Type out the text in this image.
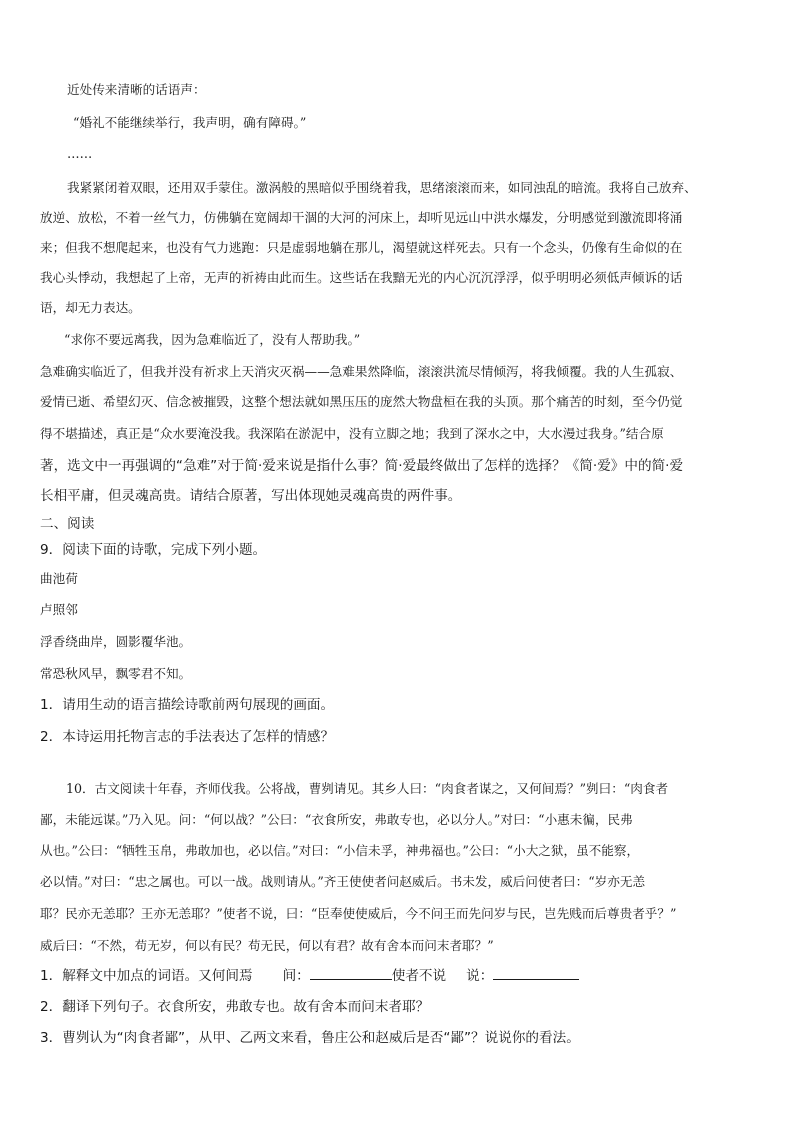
近处传来清晰的话语声：
“婚礼不能继续举行，我声明，确有障碍。”
……
我紧紧闭着双眼，还用双手蒙住。激涡般的黑暗似乎围绕着我，思绪滚滚而来，如同浊乱的暗流。我将自己放弃、
放逆、放松，不着一丝气力，仿佛躺在宽阔却干涸的大河的河床上，却听见远山中洪水爆发，分明感觉到激流即将涌
来；但我不想爬起来，也没有气力逃跑：只是虚弱地躺在那儿，渴望就这样死去。只有一个念头，仍像有生命似的在
我心头悸动，我想起了上帝，无声的祈祷由此而生。这些话在我黯无光的内心沉沉浮浮，似乎明明必须低声倾诉的话
语，却无力表达。
“求你不要远离我，因为急难临近了，没有人帮助我。”
急难确实临近了，但我并没有祈求上天消灾灭祸——急难果然降临，滚滚洪流尽情倾泻，将我倾覆。我的人生孤寂、
爱情已逝、希望幻灭、信念被摧毁，这整个想法就如黑压压的庞然大物盘桓在我的头顶。那个痛苦的时刻，至今仍觉
得不堪描述，真正是“众水要淹没我。我深陷在淤泥中，没有立脚之地；我到了深水之中，大水漫过我身。”结合原
著，选文中一再强调的“急难”对于简·爱来说是指什么事？简·爱最终做出了怎样的选择？《简·爱》中的简·爱
长相平庸，但灵魂高贵。请结合原著，写出体现她灵魂高贵的两件事。
二、阅读
9．阅读下面的诗歌，完成下列小题。
曲池荷
卢照邻
浮香绕曲岸，圆影覆华池。
常恐秋风早，飘零君不知。
1．请用生动的语言描绘诗歌前两句展现的画面。
2．本诗运用托物言志的手法表达了怎样的情感？
10．古文阅读十年春，齐师伐我。公将战，曹刿请见。其乡人曰：“肉食者谋之，又何间焉？”刿曰：“肉食者
鄙，未能远谋。”乃入见。问：“何以战？”公曰：“衣食所安，弗敢专也，必以分人。”对曰：“小惠未徧，民弗
从也。”公曰：“牺牲玉帛，弗敢加也，必以信。”对曰：“小信未孚，神弗福也。”公曰：“小大之狱，虽不能察，
必以情。”对曰：“忠之属也。可以一战。战则请从。”齐王使使者问赵威后。书未发，威后问使者曰：“岁亦无恙
耶？民亦无恙耶？王亦无恙耶？”使者不说，曰：“臣奉使使威后，今不问王而先问岁与民，岂先贱而后尊贵者乎？”
威后曰：“不然，苟无岁，何以有民？苟无民，何以有君？故有舍本而问末者耶？”
1．解释文中加点的词语。又何间焉 间：	使者不说 说：
2．翻译下列句子。衣食所安，弗敢专也。故有舍本而问末者耶？
3．曹刿认为“肉食者鄙”，从甲、乙两文来看，鲁庄公和赵威后是否“鄙”？说说你的看法。
